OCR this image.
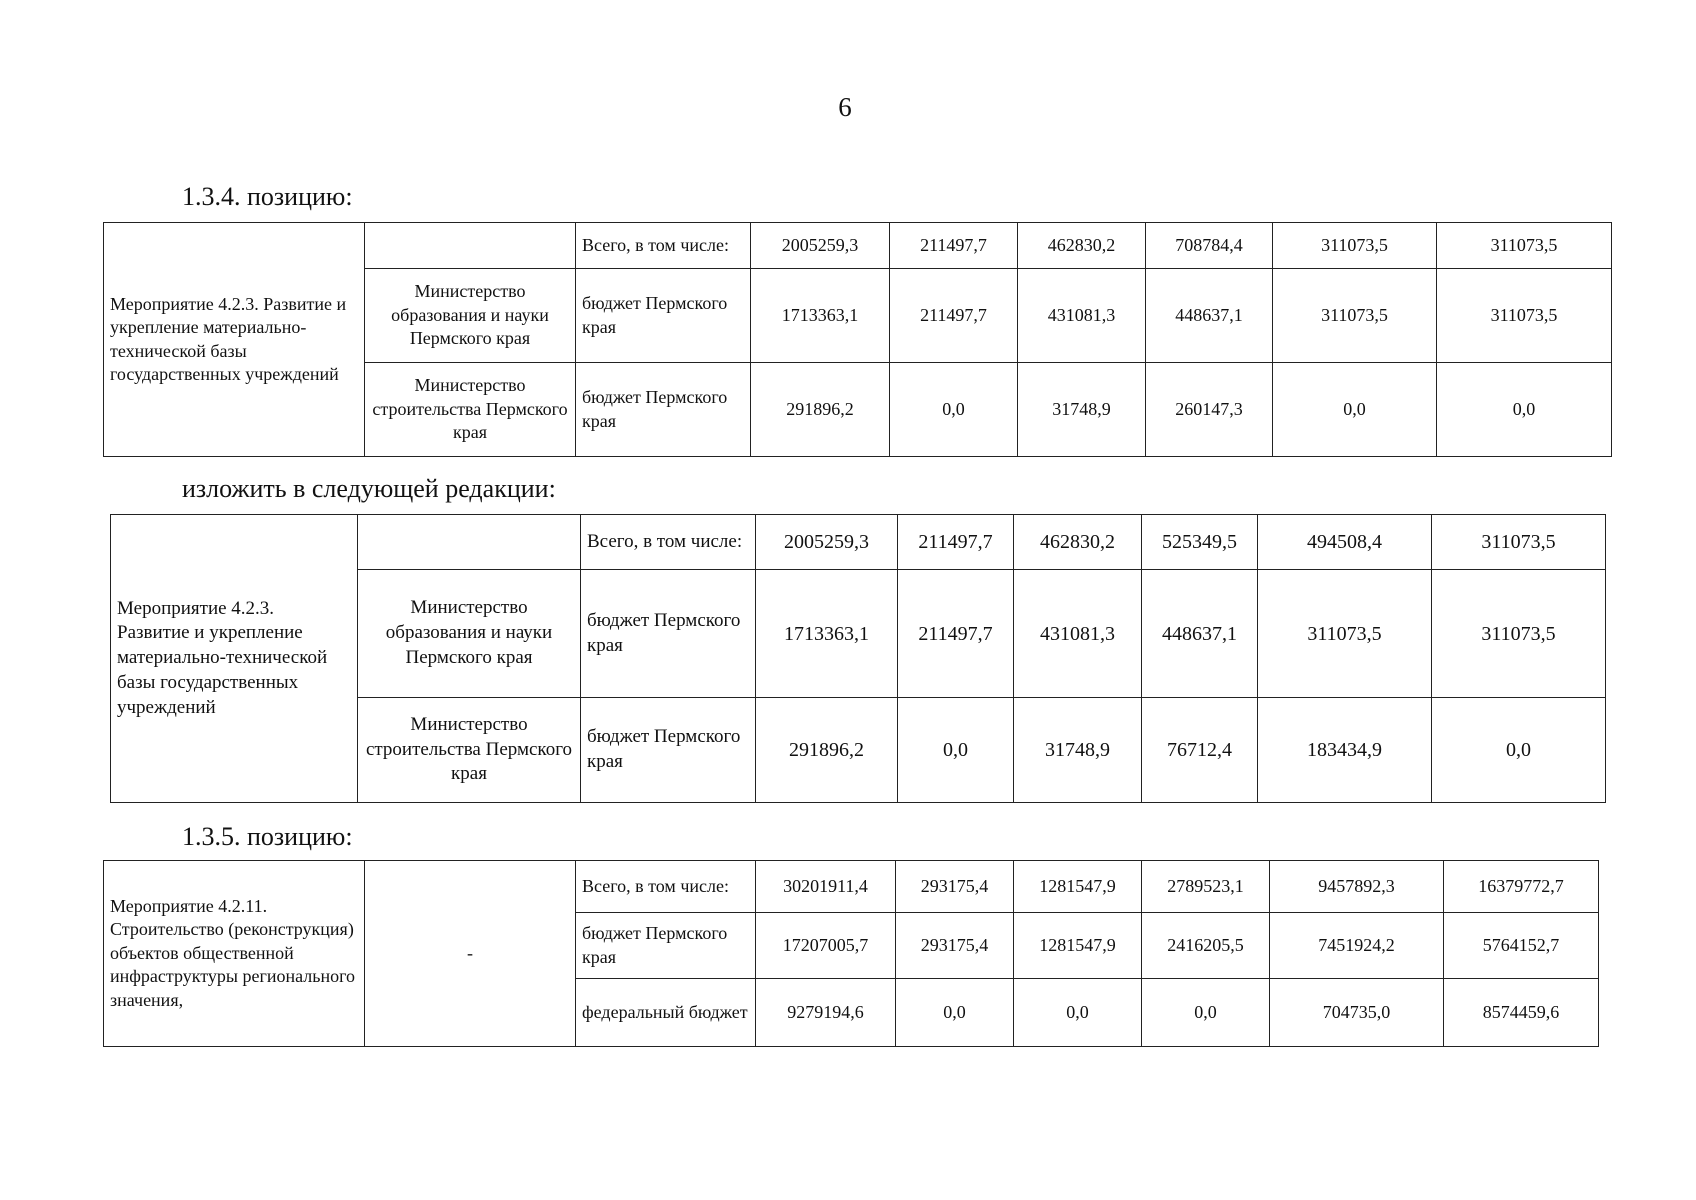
6
1.3.4. позицию:
Мероприятие 4.2.3. Развитие и укрепление материально-технической базы государственных учреждений		Всего, в том числе:	2005259,3	211497,7	462830,2	708784,4	311073,5	311073,5
	Министерство образования и науки Пермского края	бюджет Пермского края	1713363,1	211497,7	431081,3	448637,1	311073,5	311073,5
	Министерство строительства Пермского края	бюджет Пермского края	291896,2	0,0	31748,9	260147,3	0,0	0,0
изложить в следующей редакции:
Мероприятие 4.2.3. Развитие и укрепление материально-технической базы государственных учреждений		Всего, в том числе:	2005259,3	211497,7	462830,2	525349,5	494508,4	311073,5
	Министерство образования и науки Пермского края	бюджет Пермского края	1713363,1	211497,7	431081,3	448637,1	311073,5	311073,5
	Министерство строительства Пермского края	бюджет Пермского края	291896,2	0,0	31748,9	76712,4	183434,9	0,0
1.3.5. позицию:
Мероприятие 4.2.11. Строительство (реконструкция) объектов общественной инфраструктуры регионального значения,	-	Всего, в том числе:	30201911,4	293175,4	1281547,9	2789523,1	9457892,3	16379772,7
		бюджет Пермского края	17207005,7	293175,4	1281547,9	2416205,5	7451924,2	5764152,7
		федеральный бюджет	9279194,6	0,0	0,0	0,0	704735,0	8574459,6
